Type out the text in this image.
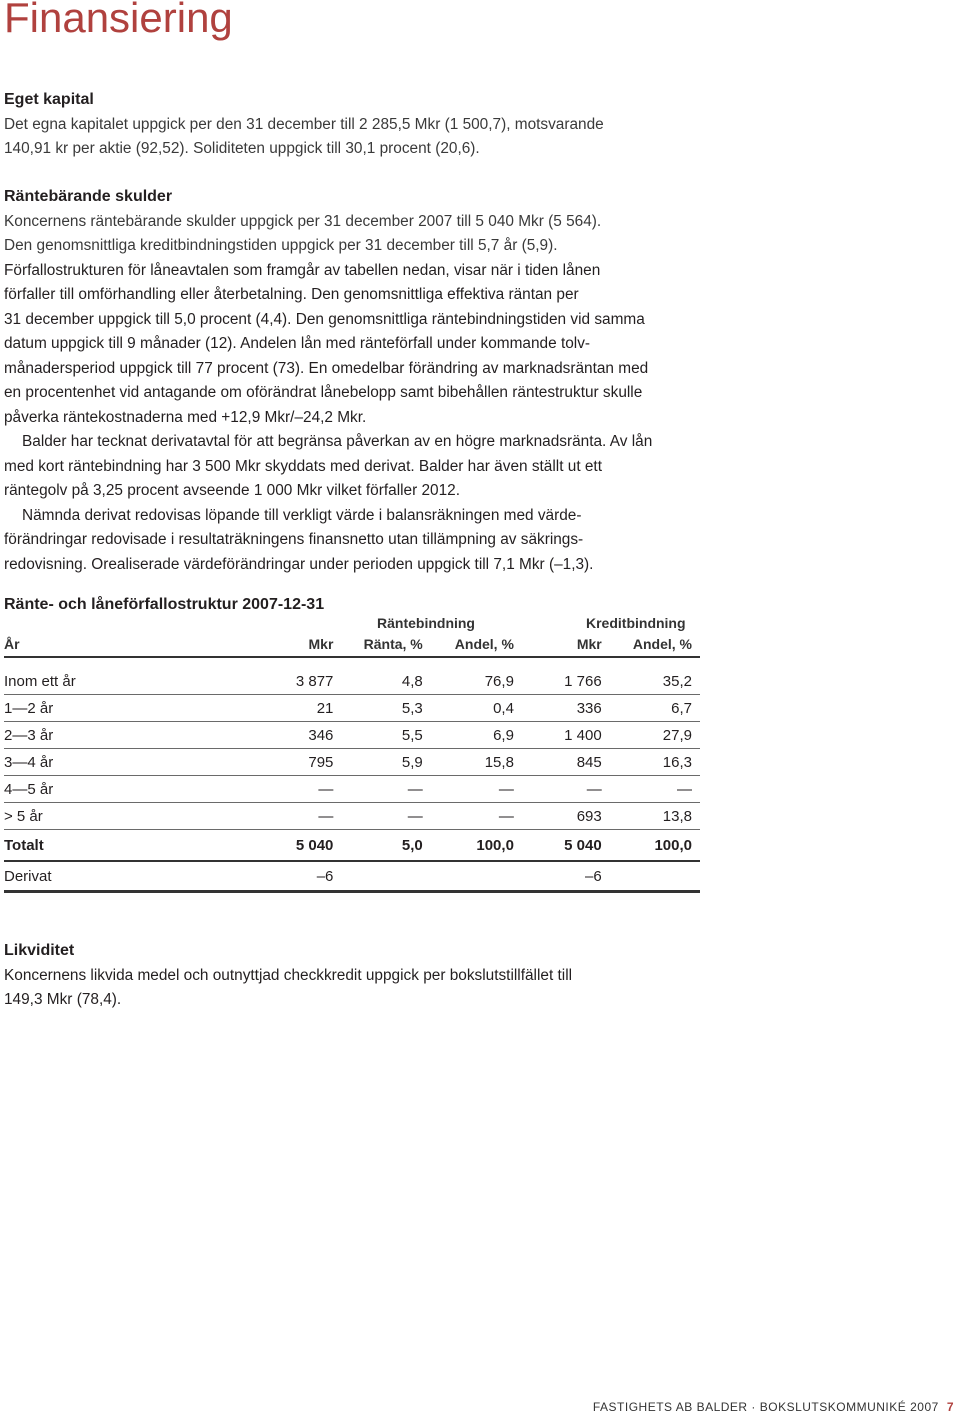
Finansiering

Eget kapital

Det egna kapitalet uppgick per den 31 december till 2 285,5 Mkr (1 500,7), motsvarande

140,91 kr per aktie (92,52). Soliditeten uppgick till 30,1 procent (20,6).

Räntebärande skulder

Koncernens räntebärande skulder uppgick per 31 december 2007 till 5 040 Mkr (5 564).

Den genomsnittliga kreditbindningstiden uppgick per 31 december till 5,7 år (5,9).

Förfallostrukturen för låneavtalen som framgår av tabellen nedan, visar när i tiden lånen

förfaller till omförhandling eller återbetalning. Den genomsnittliga effektiva räntan per

31 december uppgick till 5,0 procent (4,4). Den genomsnittliga räntebindningstiden vid samma

datum uppgick till 9 månader (12). Andelen lån med ränteförfall under kommande tolv-

månadersperiod uppgick till 77 procent (73). En omedelbar förändring av marknadsräntan med

en procentenhet vid antagande om oförändrat lånebelopp samt bibehållen räntestruktur skulle

påverka räntekostnaderna med +12,9 Mkr/–24,2 Mkr.

Balder har tecknat derivatavtal för att begränsa påverkan av en högre marknadsränta. Av lån

med kort räntebindning har 3 500 Mkr skyddats med derivat. Balder har även ställt ut ett

räntegolv på 3,25 procent avseende 1 000 Mkr vilket förfaller 2012.

Nämnda derivat redovisas löpande till verkligt värde i balansräkningen med värde-

förändringar redovisade i resultaträkningens finansnetto utan tillämpning av säkrings-

redovisning. Orealiserade värdeförändringar under perioden uppgick till 7,1 Mkr (–1,3).

Ränte- och låneförfallostruktur 2007-12-31

Räntebindning	Kreditbindning
År	Mkr	Ränta, %	Andel, %	Mkr	Andel, %

Inom ett år	3 877	4,8	76,9	1 766	35,2
1—2 år	21	5,3	0,4	336	6,7
2—3 år	346	5,5	6,9	1 400	27,9
3—4 år	795	5,9	15,8	845	16,3
4—5 år	—	—	—	—	—
> 5 år	—	—	—	693	13,8
Totalt	5 040	5,0	100,0	5 040	100,0
Derivat	–6			–6	

Likviditet

Koncernens likvida medel och outnyttjad checkkredit uppgick per bokslutstillfället till

149,3 Mkr (78,4).

FASTIGHETS AB BALDER · BOKSLUTSKOMMUNIKÉ 2007 7
